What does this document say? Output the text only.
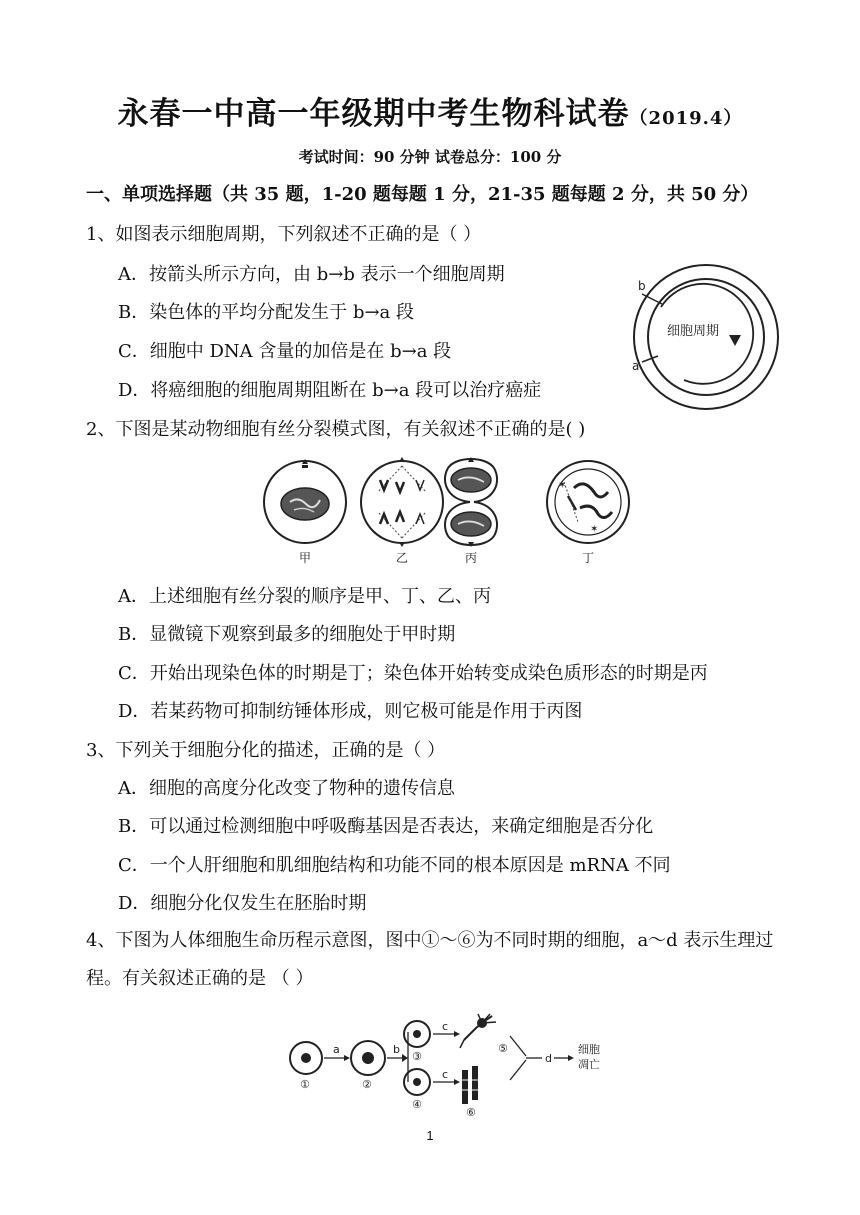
永春一中高一年级期中考生物科试卷（2019.4）
考试时间：90 分钟 试卷总分：100 分
一、单项选择题（共 35 题，1-20 题每题 1 分，21-35 题每题 2 分，共 50 分）
1、如图表示细胞周期，下列叙述不正确的是（ ）
A．按箭头所示方向，由 b→b 表示一个细胞周期
B．染色体的平均分配发生于 b→a 段
C．细胞中 DNA 含量的加倍是在 b→a 段
D．将癌细胞的细胞周期阻断在 b→a 段可以治疗癌症
b
a
细胞周期
2、下图是某动物细胞有丝分裂模式图，有关叙述不正确的是( )
✶
✶
甲	乙	丙	丁
A．上述细胞有丝分裂的顺序是甲、丁、乙、丙
B．显微镜下观察到最多的细胞处于甲时期
C．开始出现染色体的时期是丁；染色体开始转变成染色质形态的时期是丙
D．若某药物可抑制纺锤体形成，则它极可能是作用于丙图
3、下列关于细胞分化的描述，正确的是（ ）
A．细胞的高度分化改变了物种的遗传信息
B．可以通过检测细胞中呼吸酶基因是否表达，来确定细胞是否分化
C．一个人肝细胞和肌细胞结构和功能不同的根本原因是 mRNA 不同
D．细胞分化仅发生在胚胎时期
4、下图为人体细胞生命历程示意图，图中①～⑥为不同时期的细胞，a～d 表示生理过程。有关叙述正确的是 （ ）
a	b
c
c
d
①	②
③
④
⑤
⑥
细胞
凋亡
1
